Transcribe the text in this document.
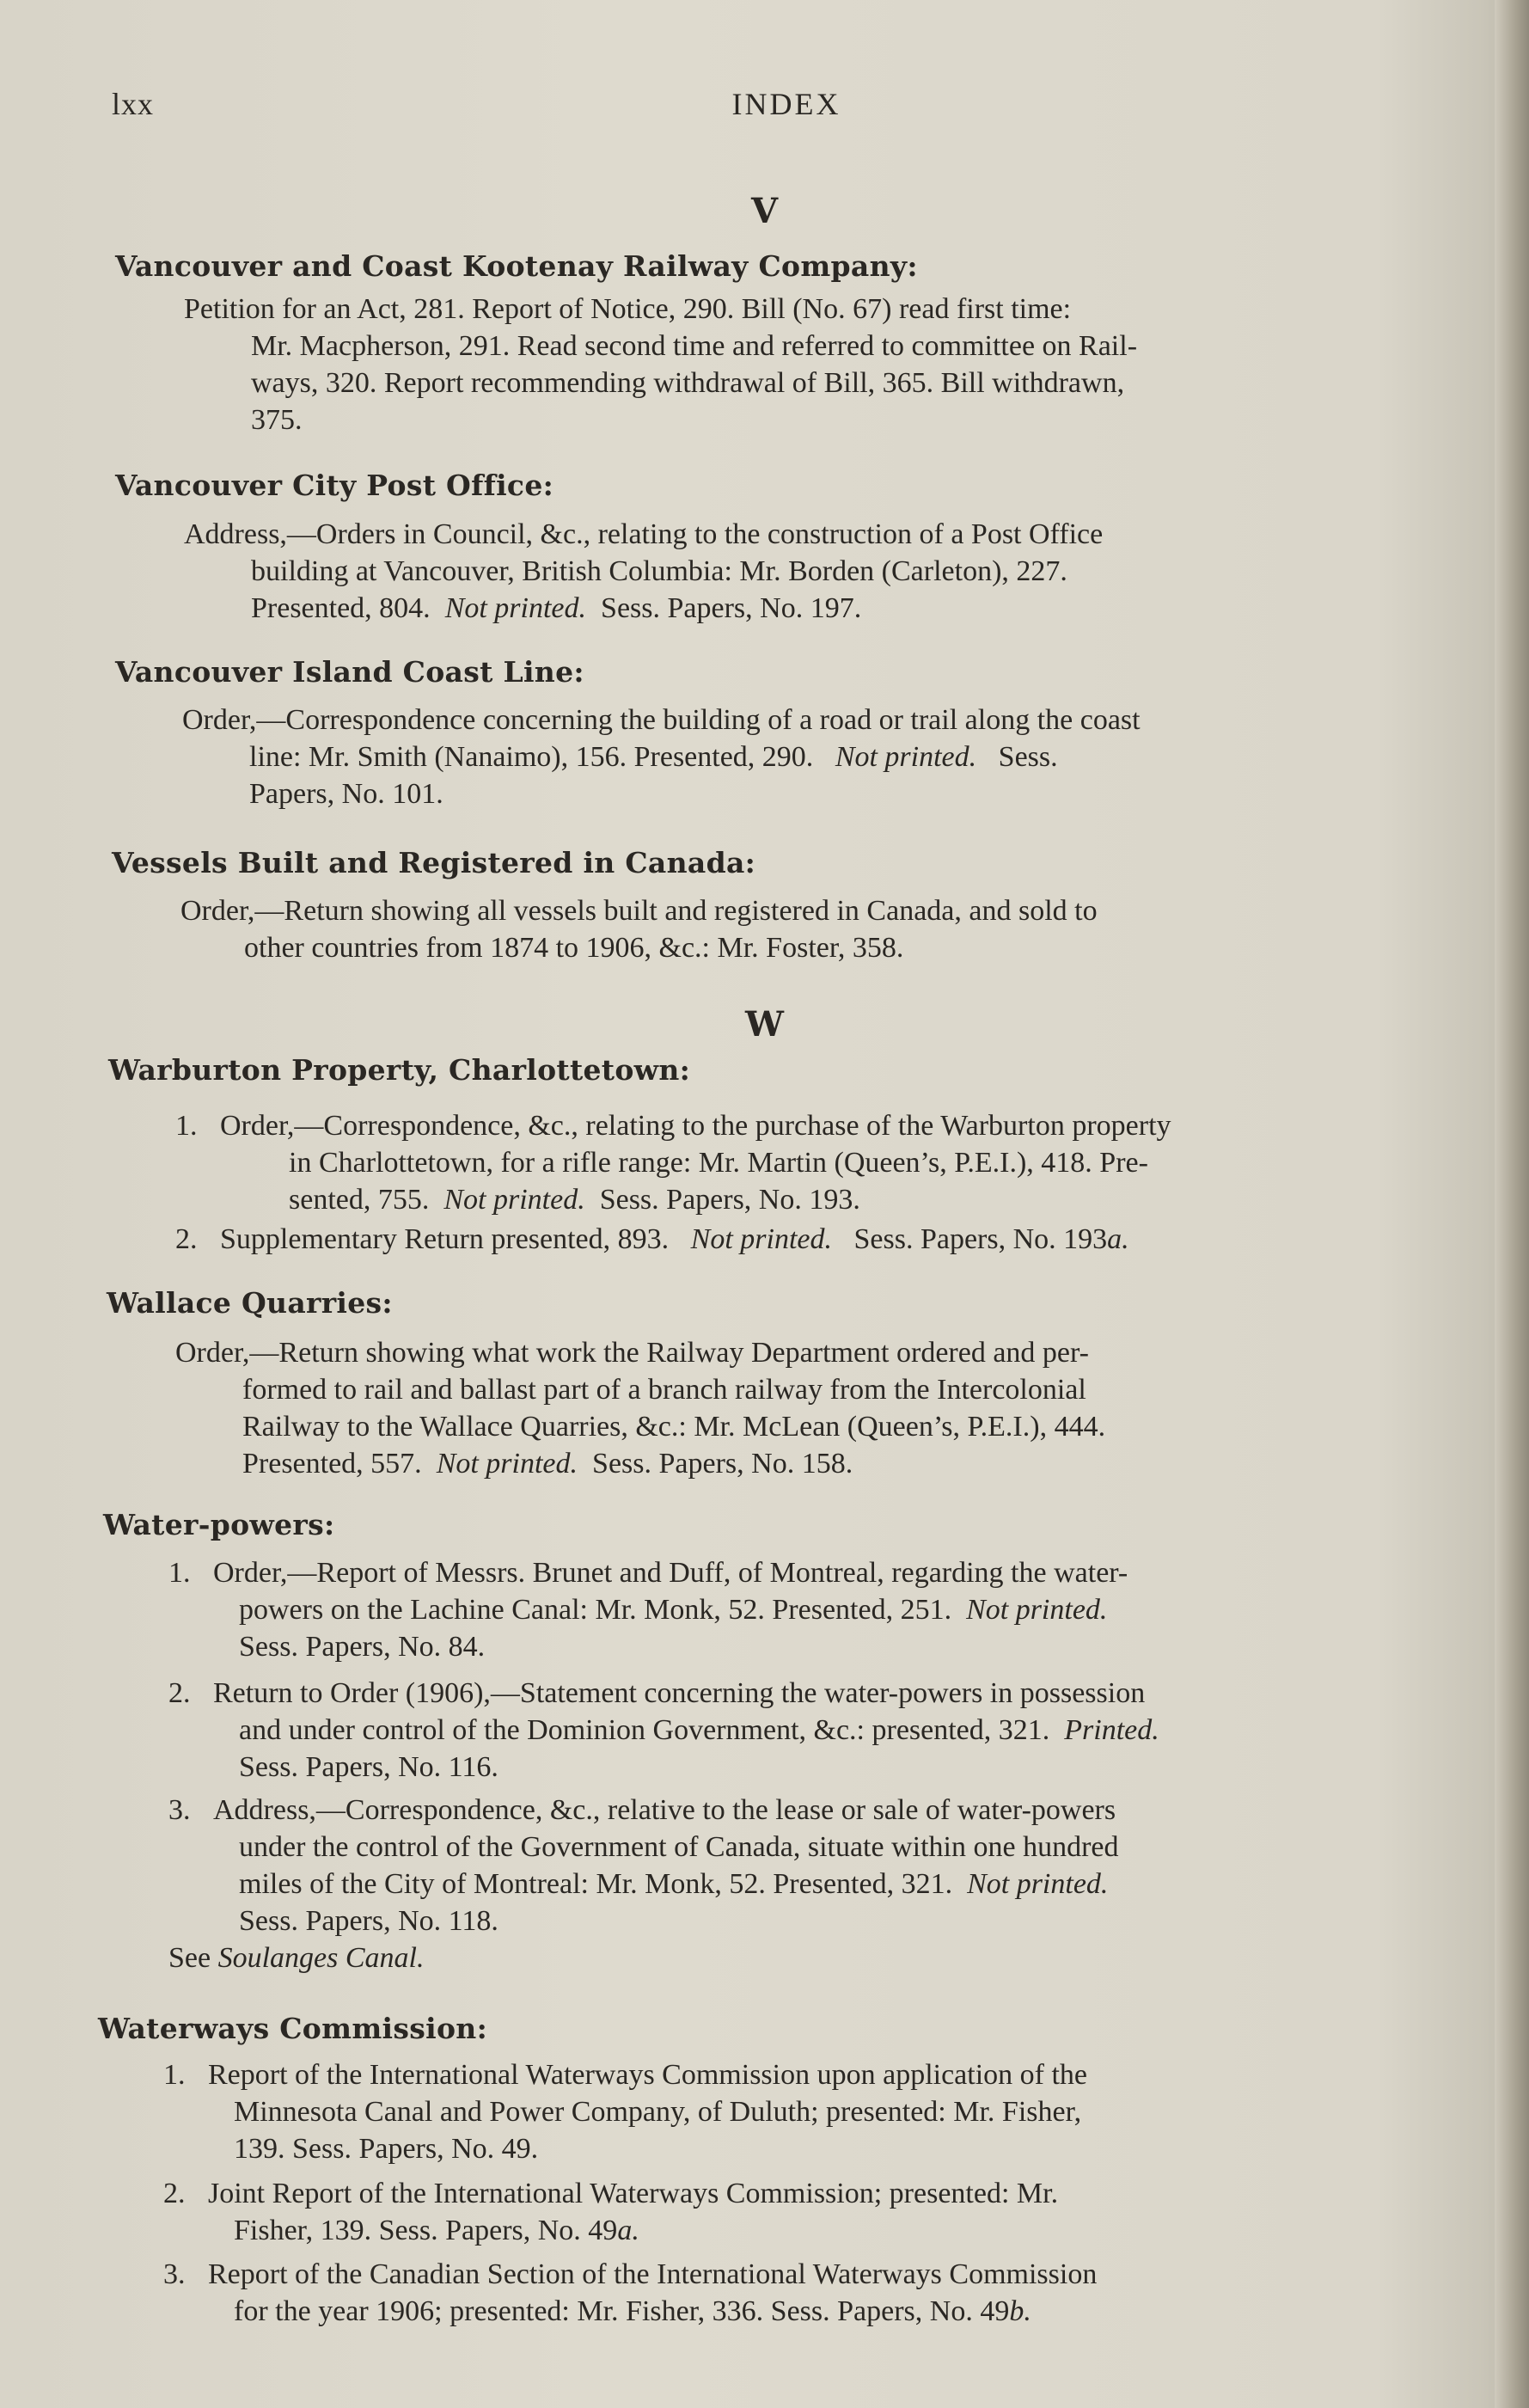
lxx	INDEX
V
Vancouver and Coast Kootenay Railway Company:

Petition for an Act, 281. Report of Notice, 290. Bill (No. 67) read first time:
Mr. Macpherson, 291. Read second time and referred to committee on Rail-
ways, 320. Report recommending withdrawal of Bill, 365. Bill withdrawn,
375.

Vancouver City Post Office:

Address,—Orders in Council, &c., relating to the construction of a Post Office
building at Vancouver, British Columbia: Mr. Borden (Carleton), 227.
Presented, 804. Not printed. Sess. Papers, No. 197.

Vancouver Island Coast Line:

Order,—Correspondence concerning the building of a road or trail along the coast
line: Mr. Smith (Nanaimo), 156. Presented, 290. Not printed. Sess.
Papers, No. 101.

Vessels Built and Registered in Canada:

Order,—Return showing all vessels built and registered in Canada, and sold to
other countries from 1874 to 1906, &c.: Mr. Foster, 358.

W
Warburton Property, Charlottetown:

1. Order,—Correspondence, &c., relating to the purchase of the Warburton property
in Charlottetown, for a rifle range: Mr. Martin (Queen’s, P.E.I.), 418. Pre-
sented, 755. Not printed. Sess. Papers, No. 193.

2. Supplementary Return presented, 893. Not printed. Sess. Papers, No. 193a.

Wallace Quarries:

Order,—Return showing what work the Railway Department ordered and per-
formed to rail and ballast part of a branch railway from the Intercolonial
Railway to the Wallace Quarries, &c.: Mr. McLean (Queen’s, P.E.I.), 444.
Presented, 557. Not printed. Sess. Papers, No. 158.

Water-powers:

1. Order,—Report of Messrs. Brunet and Duff, of Montreal, regarding the water-
powers on the Lachine Canal: Mr. Monk, 52. Presented, 251. Not printed.
Sess. Papers, No. 84.

2. Return to Order (1906),—Statement concerning the water-powers in possession
and under control of the Dominion Government, &c.: presented, 321. Printed.
Sess. Papers, No. 116.

3. Address,—Correspondence, &c., relative to the lease or sale of water-powers
under the control of the Government of Canada, situate within one hundred
miles of the City of Montreal: Mr. Monk, 52. Presented, 321. Not printed.
Sess. Papers, No. 118.
See Soulanges Canal.

Waterways Commission:

1. Report of the International Waterways Commission upon application of the
Minnesota Canal and Power Company, of Duluth; presented: Mr. Fisher,
139. Sess. Papers, No. 49.

2. Joint Report of the International Waterways Commission; presented: Mr.
Fisher, 139. Sess. Papers, No. 49a.

3. Report of the Canadian Section of the International Waterways Commission
for the year 1906; presented: Mr. Fisher, 336. Sess. Papers, No. 49b.
